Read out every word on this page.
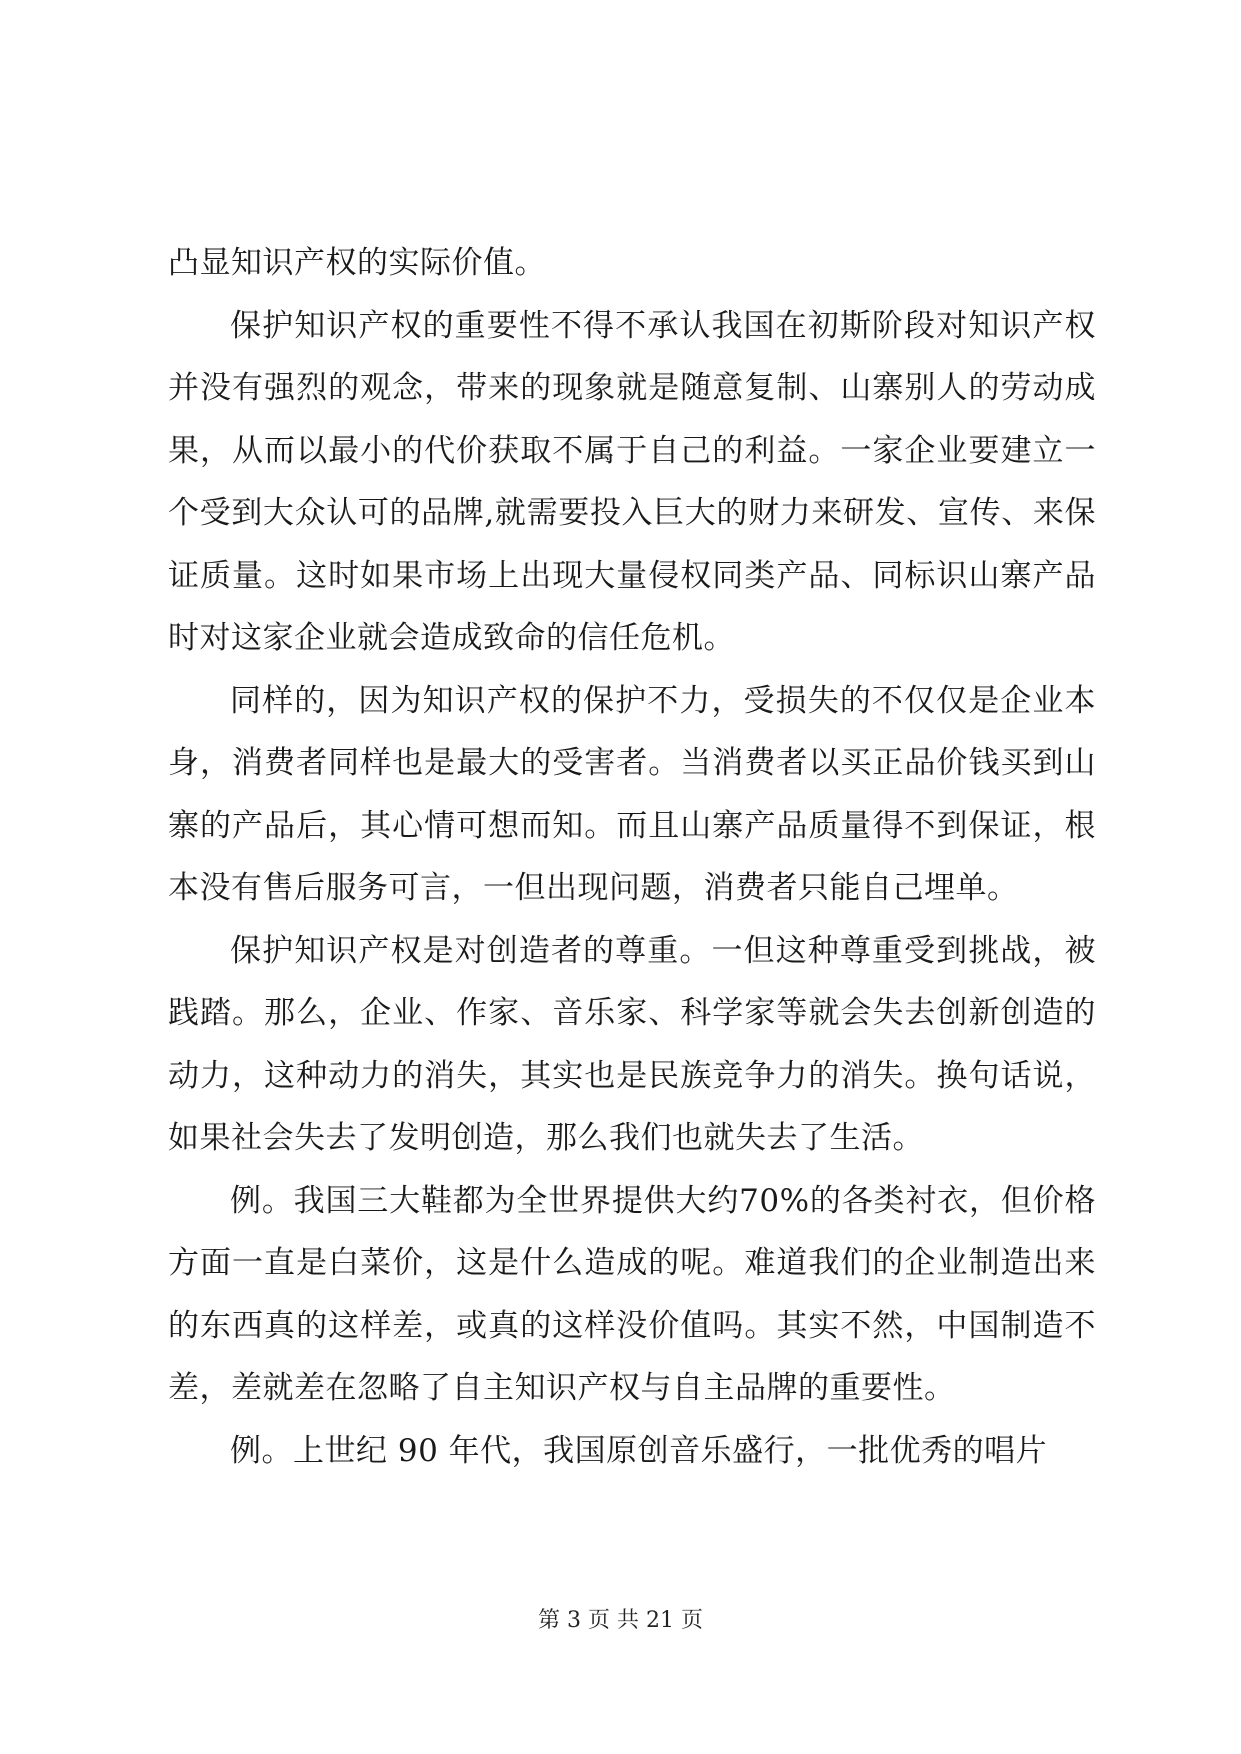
凸显知识产权的实际价值。

保护知识产权的重要性不得不承认我国在初斯阶段对知识产权并没有强烈的观念，带来的现象就是随意复制、山寨别人的劳动成果，从而以最小的代价获取不属于自己的利益。一家企业要建立一个受到大众认可的品牌,就需要投入巨大的财力来研发、宣传、来保证质量。这时如果市场上出现大量侵权同类产品、同标识山寨产品时对这家企业就会造成致命的信任危机。

同样的，因为知识产权的保护不力，受损失的不仅仅是企业本身，消费者同样也是最大的受害者。当消费者以买正品价钱买到山寨的产品后，其心情可想而知。而且山寨产品质量得不到保证，根本没有售后服务可言，一但出现问题，消费者只能自己埋单。

保护知识产权是对创造者的尊重。一但这种尊重受到挑战，被践踏。那么，企业、作家、音乐家、科学家等就会失去创新创造的动力，这种动力的消失，其实也是民族竞争力的消失。换句话说，如果社会失去了发明创造，那么我们也就失去了生活。

例。我国三大鞋都为全世界提供大约70%的各类衬衣，但价格方面一直是白菜价，这是什么造成的呢。难道我们的企业制造出来的东西真的这样差，或真的这样没价值吗。其实不然，中国制造不差，差就差在忽略了自主知识产权与自主品牌的重要性。

例。上世纪 90 年代，我国原创音乐盛行，一批优秀的唱片

第 3 页 共 21 页
